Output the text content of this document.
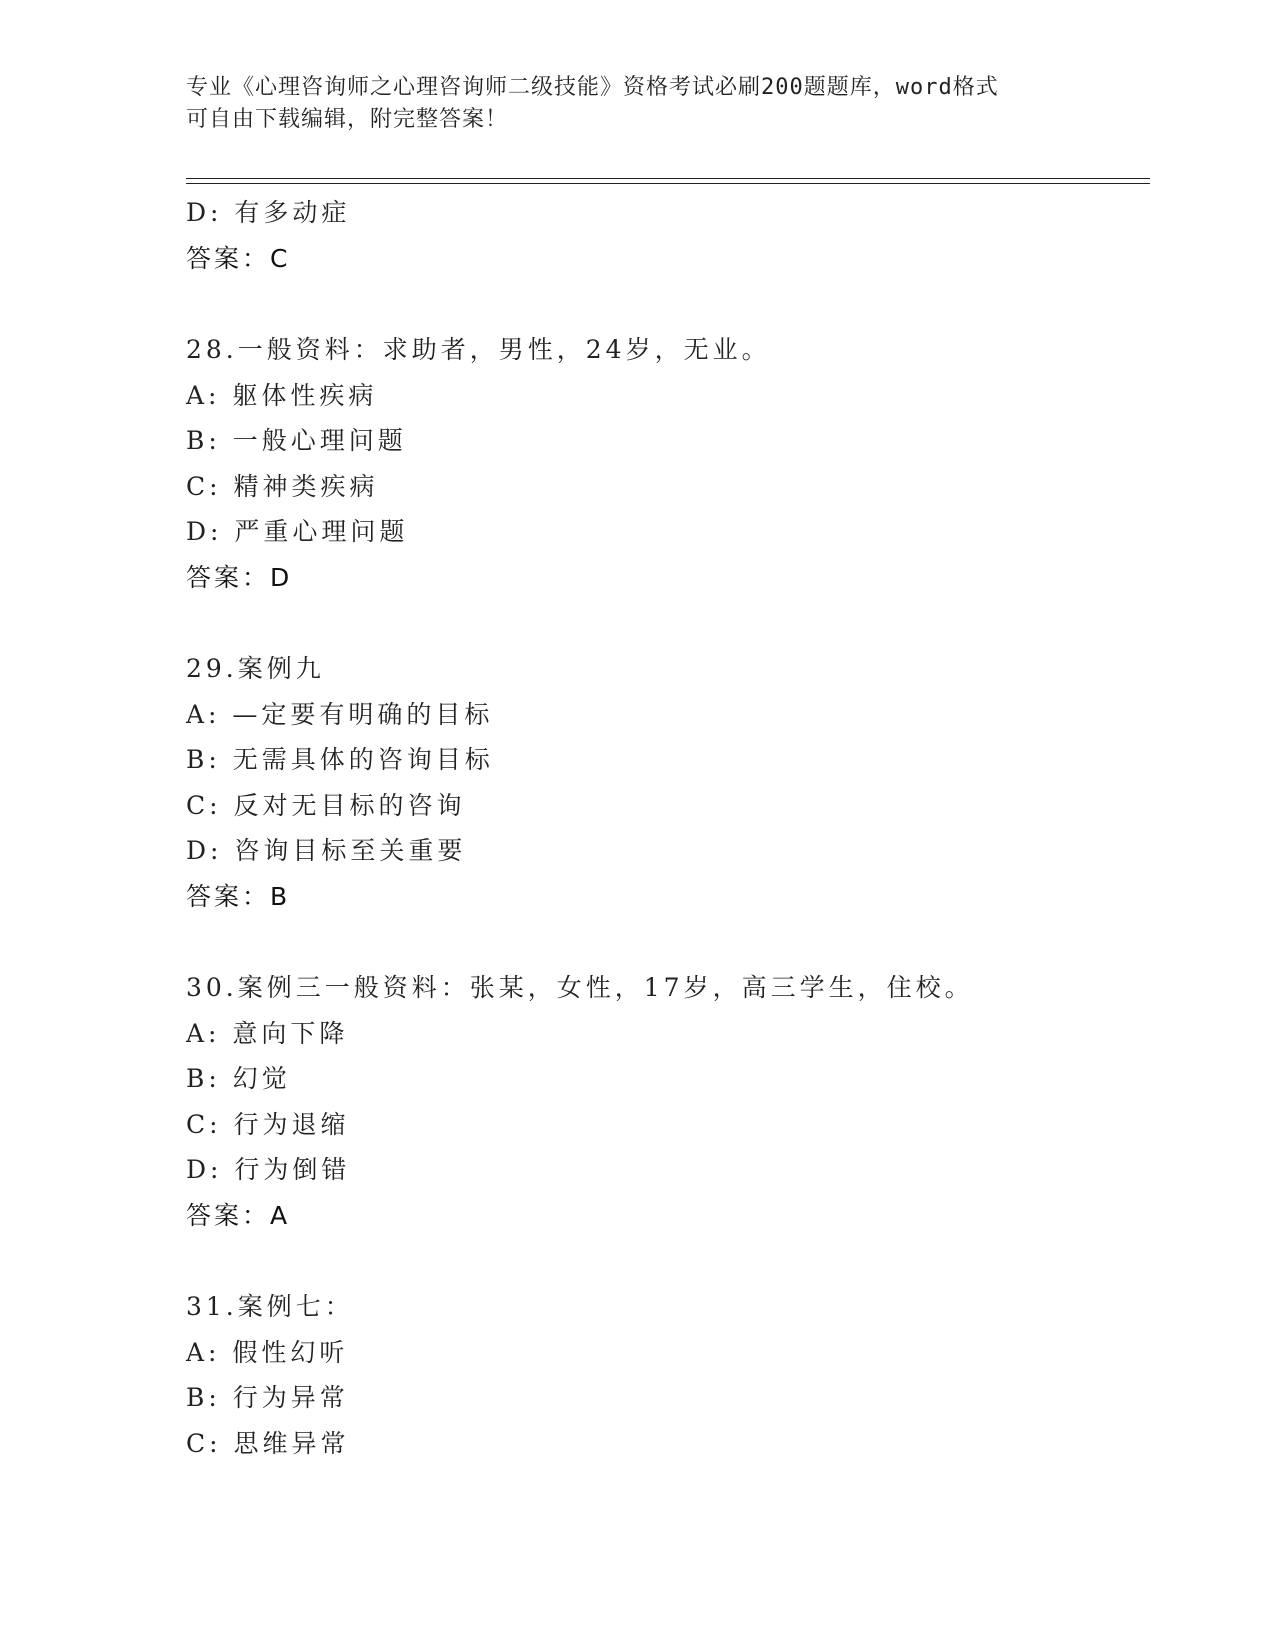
专业《心理咨询师之心理咨询师二级技能》资格考试必刷200题题库，word格式
可自由下载编辑，附完整答案！
D: 有多动症
答案：C
28.一般资料：求助者，男性，24岁，无业。
A: 躯体性疾病
B: 一般心理问题
C: 精神类疾病
D: 严重心理问题
答案：D
29.案例九
A: —定要有明确的目标
B: 无需具体的咨询目标
C: 反对无目标的咨询
D: 咨询目标至关重要
答案：B
30.案例三一般资料：张某，女性，17岁，高三学生，住校。
A: 意向下降
B: 幻觉
C: 行为退缩
D: 行为倒错
答案：A
31.案例七：
A: 假性幻听
B: 行为异常
C: 思维异常
